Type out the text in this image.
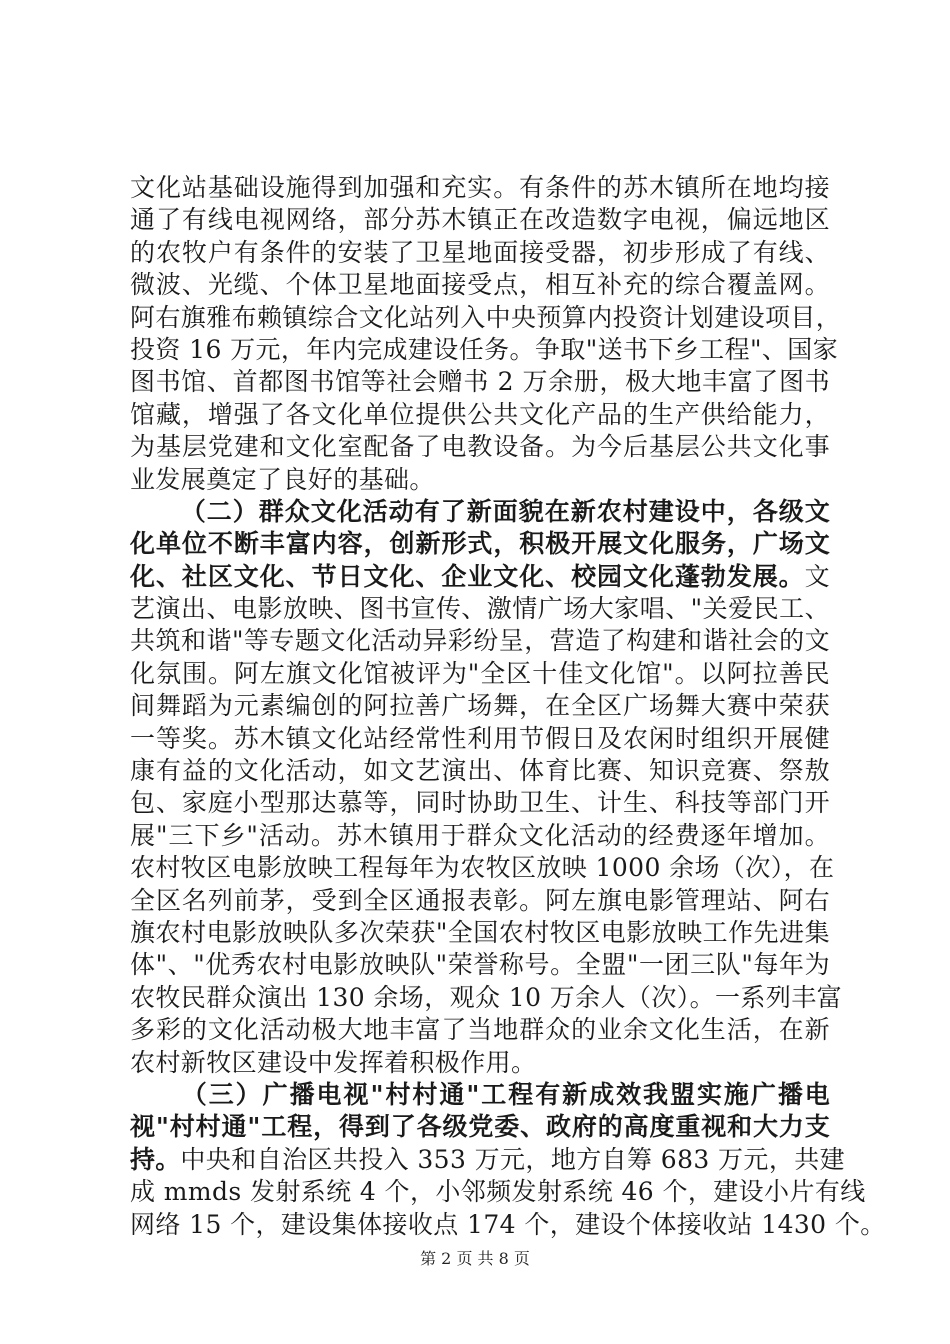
文化站基础设施得到加强和充实。有条件的苏木镇所在地均接
通了有线电视网络，部分苏木镇正在改造数字电视，偏远地区
的农牧户有条件的安装了卫星地面接受器，初步形成了有线、
微波、光缆、个体卫星地面接受点，相互补充的综合覆盖网。
阿右旗雅布赖镇综合文化站列入中央预算内投资计划建设项目，
投资 16 万元，年内完成建设任务。争取"送书下乡工程"、国家
图书馆、首都图书馆等社会赠书 2 万余册，极大地丰富了图书
馆藏，增强了各文化单位提供公共文化产品的生产供给能力，
为基层党建和文化室配备了电教设备。为今后基层公共文化事
业发展奠定了良好的基础。
（二）群众文化活动有了新面貌在新农村建设中，各级文
化单位不断丰富内容，创新形式，积极开展文化服务，广场文
化、社区文化、节日文化、企业文化、校园文化蓬勃发展。文
艺演出、电影放映、图书宣传、激情广场大家唱、"关爱民工、
共筑和谐"等专题文化活动异彩纷呈，营造了构建和谐社会的文
化氛围。阿左旗文化馆被评为"全区十佳文化馆"。以阿拉善民
间舞蹈为元素编创的阿拉善广场舞，在全区广场舞大赛中荣获
一等奖。苏木镇文化站经常性利用节假日及农闲时组织开展健
康有益的文化活动，如文艺演出、体育比赛、知识竞赛、祭敖
包、家庭小型那达慕等，同时协助卫生、计生、科技等部门开
展"三下乡"活动。苏木镇用于群众文化活动的经费逐年增加。
农村牧区电影放映工程每年为农牧区放映 1000 余场（次），在
全区名列前茅，受到全区通报表彰。阿左旗电影管理站、阿右
旗农村电影放映队多次荣获"全国农村牧区电影放映工作先进集
体"、"优秀农村电影放映队"荣誉称号。全盟"一团三队"每年为
农牧民群众演出 130 余场，观众 10 万余人（次）。一系列丰富
多彩的文化活动极大地丰富了当地群众的业余文化生活，在新
农村新牧区建设中发挥着积极作用。
（三）广播电视"村村通"工程有新成效我盟实施广播电
视"村村通"工程，得到了各级党委、政府的高度重视和大力支
持。中央和自治区共投入 353 万元，地方自筹 683 万元，共建
成 mmds 发射系统 4 个，小邻频发射系统 46 个，建设小片有线
网络 15 个，建设集体接收点 174 个，建设个体接收站 1430 个。
第 2 页 共 8 页
